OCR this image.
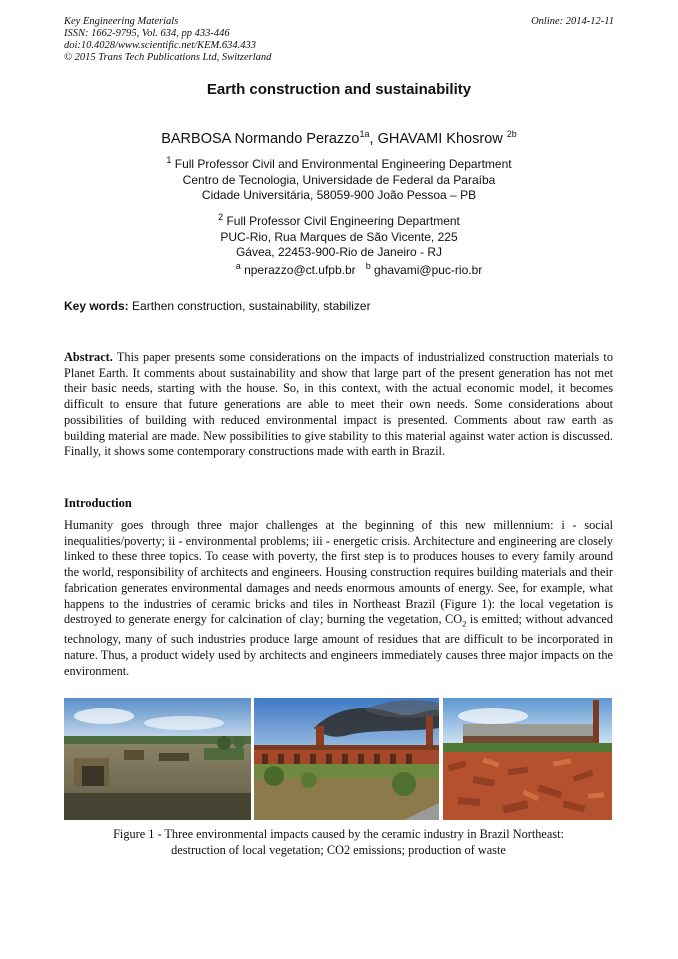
Key Engineering Materials
ISSN: 1662-9795, Vol. 634, pp 433-446
doi:10.4028/www.scientific.net/KEM.634.433
© 2015 Trans Tech Publications Ltd, Switzerland
Online: 2014-12-11
Earth construction and sustainability
BARBOSA Normando Perazzo$^{1a}$, GHAVAMI Khosrow $^{2b}$
$^1$ Full Professor Civil and Environmental Engineering Department
Centro de Tecnologia, Universidade de Federal da Paraíba
Cidade Universitária, 58059-900 João Pessoa – PB
$^2$ Full Professor Civil Engineering Department
PUC-Rio, Rua Marques de São Vicente, 225
Gávea, 22453-900-Rio de Janeiro - RJ
$^a$ nperazzo@ct.ufpb.br $^b$ ghavami@puc-rio.br
Key words: Earthen construction, sustainability, stabilizer
Abstract. This paper presents some considerations on the impacts of industrialized construction materials to Planet Earth. It comments about sustainability and show that large part of the present generation has not met their basic needs, starting with the house. So, in this context, with the actual economic model, it becomes difficult to ensure that future generations are able to meet their own needs. Some considerations about possibilities of building with reduced environmental impact is presented. Comments about raw earth as building material are made. New possibilities to give stability to this material against water action is discussed. Finally, it shows some contemporary constructions made with earth in Brazil.
Introduction
Humanity goes through three major challenges at the beginning of this new millennium: i - social inequalities/poverty; ii - environmental problems; iii - energetic crisis. Architecture and engineering are closely linked to these three topics. To cease with poverty, the first step is to produces houses to every family around the world, responsibility of architects and engineers. Housing construction requires building materials and their fabrication generates environmental damages and needs enormous amounts of energy. See, for example, what happens to the industries of ceramic bricks and tiles in Northeast Brazil (Figure 1): the local vegetation is destroyed to generate energy for calcination of clay; burning the vegetation, $CO_2$ is emitted; without advanced technology, many of such industries produce large amount of residues that are difficult to be incorporated in nature. Thus, a product widely used by architects and engineers immediately causes three major impacts on the environment.
Figure 1 - Three environmental impacts caused by the ceramic industry in Brazil Northeast:
destruction of local vegetation; CO2 emissions; production of waste
